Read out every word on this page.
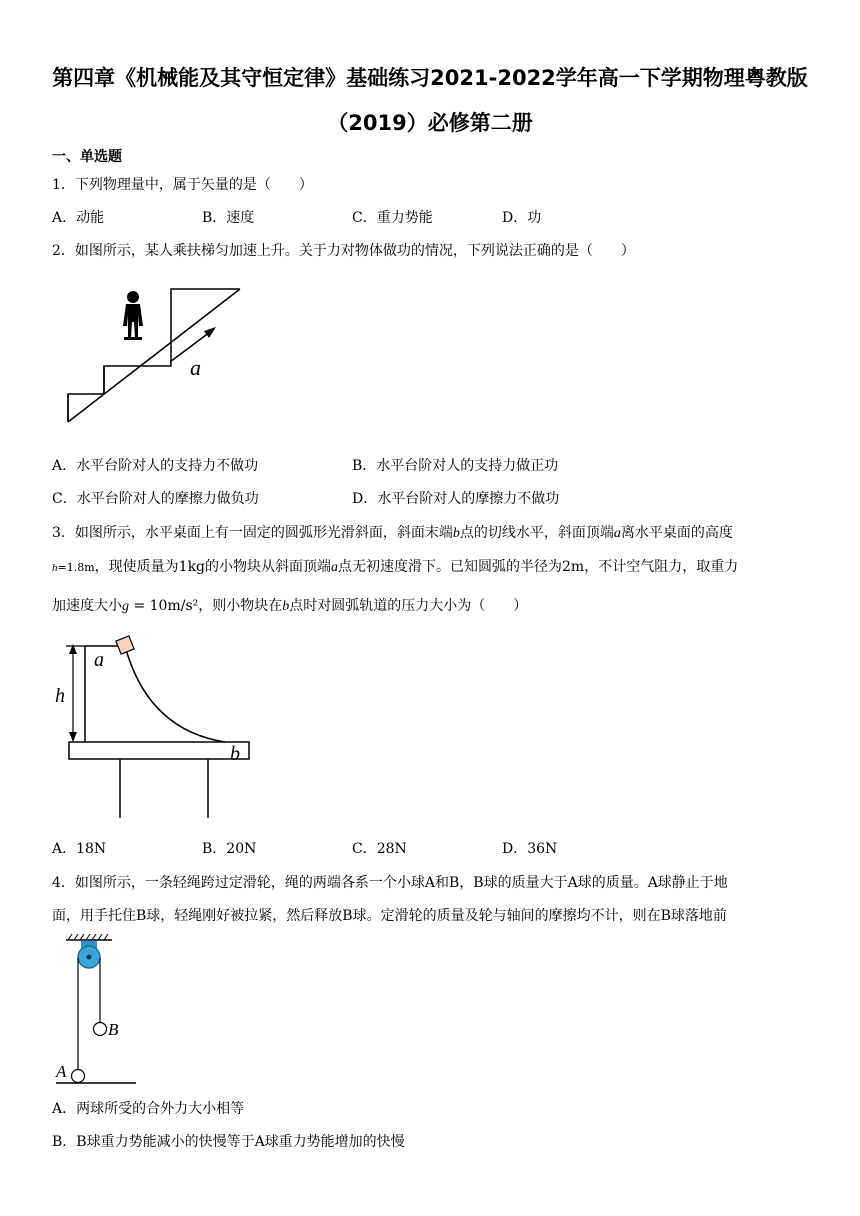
第四章《机械能及其守恒定律》基础练习2021-2022学年高一下学期物理粤教版
（2019）必修第二册
一、单选题
1．下列物理量中，属于矢量的是（　　）
A．动能	B．速度	C．重力势能	D．功
2．如图所示，某人乘扶梯匀加速上升。关于力对物体做功的情况，下列说法正确的是（　　）
a
A．水平台阶对人的支持力不做功	B．水平台阶对人的支持力做正功
C．水平台阶对人的摩擦力做负功	D．水平台阶对人的摩擦力不做功
3．如图所示，水平桌面上有一固定的圆弧形光滑斜面，斜面末端b点的切线水平，斜面顶端a离水平桌面的高度
h=1.8m，现使质量为1kg的小物块从斜面顶端a点无初速度滑下。已知圆弧的半径为2m，不计空气阻力，取重力
加速度大小g = 10m/s²，则小物块在b点时对圆弧轨道的压力大小为（　　）
a
h
b
A．18N	B．20N	C．28N	D．36N
4．如图所示，一条轻绳跨过定滑轮，绳的两端各系一个小球A和B，B球的质量大于A球的质量。A球静止于地
面，用手托住B球，轻绳刚好被拉紧，然后释放B球。定滑轮的质量及轮与轴间的摩擦均不计，则在B球落地前
B
A
A．两球所受的合外力大小相等
B．B球重力势能减小的快慢等于A球重力势能增加的快慢
